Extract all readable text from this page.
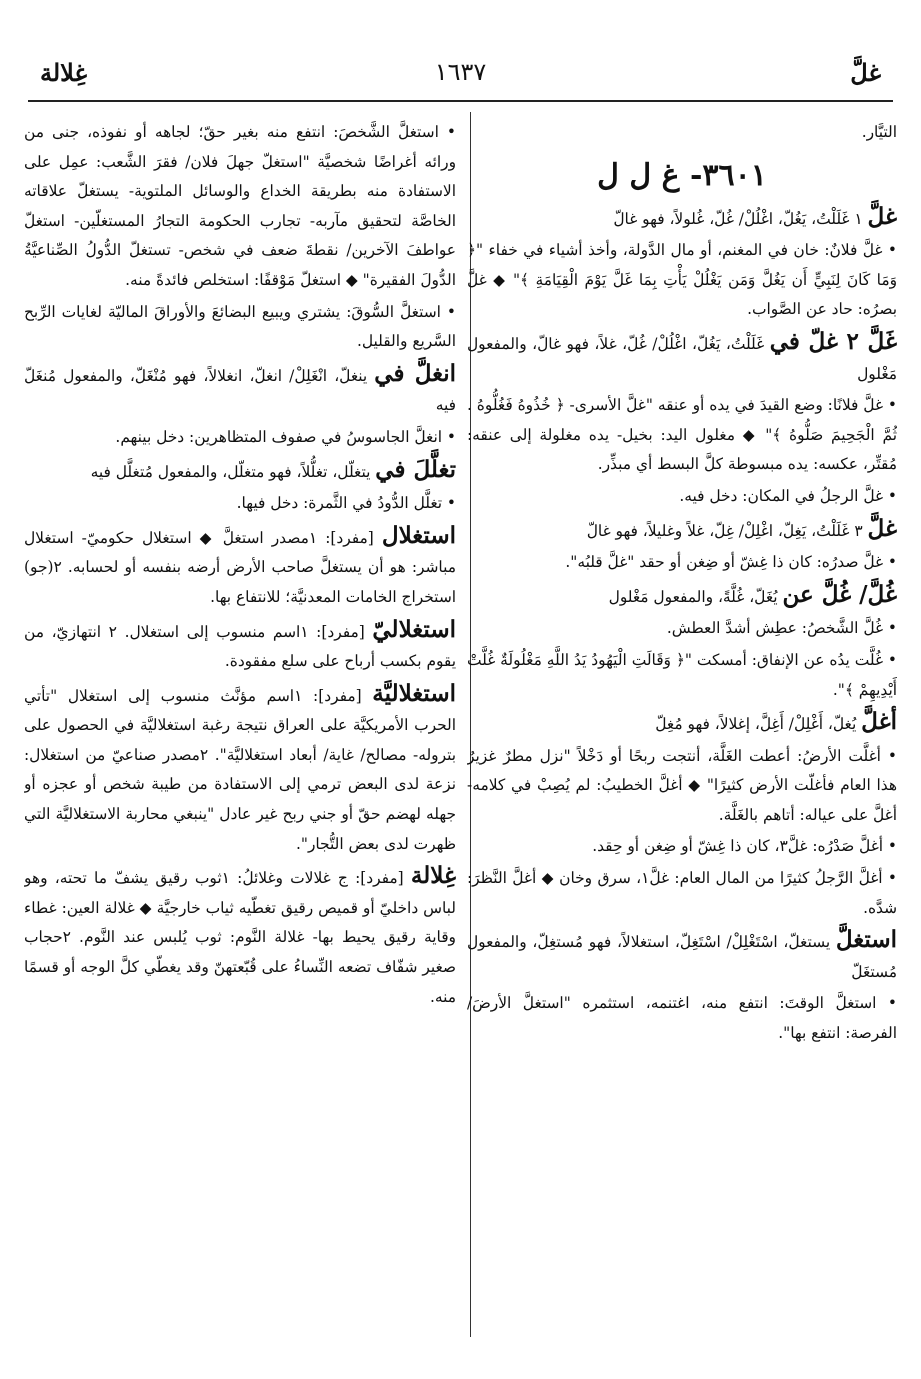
غلَّ
١٦٣٧
غِلالة

التيَّار.

٣٦٠١- غ ل ل

غلَّ ١ غَلَلْتُ، يَغُلّ، اغْلُلْ/ غُلّ، غُلولاً، فهو غالّ

• غلَّ فلانٌ: خان في المغنم، أو مال الدَّولة، وأخذ أشياء في خفاء "﴿ وَمَا كَانَ لِنَبِيٍّ أَن يَغُلَّ وَمَن يَغْلُلْ يَأْتِ بِمَا غَلَّ يَوْمَ الْقِيَامَةِ ﴾" ◆ غلَّ بصرُه: حاد عن الصَّواب.

غَلَّ ٢ غلّ في غَلَلْتُ، يَغُلّ، اغْلُلْ/ غُلّ، غلاً، فهو غالّ، والمفعول مَغْلول

• غلَّ فلانًا: وضع القيدَ في يده أو عنقه "غلَّ الأسرى- ﴿ خُذُوهُ فَغُلُّوهُ . ثُمَّ الْجَحِيمَ صَلُّوهُ ﴾" ◆ مغلول اليد: بخيل- يده مغلولة إلى عنقه: مُقتِّر، عكسه: يده مبسوطة كلَّ البسط أي مبذِّر.

• غلَّ الرجلُ في المكان: دخل فيه.

غلَّ ٣ غَلَلْتُ، يَغِلّ، اغْلِلْ/ غِلّ، غلاً وغليلاً، فهو غالّ

• غلَّ صدرُه: كان ذا غِشّ أو ضِغن أو حقد "غلَّ قلبُه".

غُلَّ/ غُلَّ عن يُغَلّ، غُلَّةً، والمفعول مَغْلول

• غُلَّ الشَّخصُ: عطِش أشدَّ العطش.

• غُلَّت يدُه عن الإنفاق: أمسكت "﴿ وَقَالَتِ الْيَهُودُ يَدُ اللَّهِ مَغْلُولَةٌ غُلَّتْ أَيْدِيهِمْ ﴾".

أغلَّ يُغلّ، أَغْلِلْ/ أَغِلَّ، إغلالاً، فهو مُغِلّ

• أغلَّت الأرضُ: أعطت الغَلَّة، أنتجت ربحًا أو دَخْلاً "نزل مطرٌ غزيرٌ هذا العام فأغلّت الأرض كثيرًا" ◆ أغلَّ الخطيبُ: لم يُصِبْ في كلامه- أغلَّ على عياله: أتاهم بالغَلَّة.

• أغلَّ صَدْرُه: غلَّ٣، كان ذا غِشّ أو ضِغن أو حِقد.

• أغلَّ الرَّجلُ كثيرًا من المال العام: غلَّ١، سرق وخان ◆ أغلَّ النَّظرَ: شدَّه.

استغلَّ يستغلّ، اسْتَغْلِلْ/ اسْتَغِلّ، استغلالاً، فهو مُستغِلّ، والمفعول مُستغَلّ

• استغلَّ الوقتَ: انتفع منه، اغتنمه، استثمره "استغلَّ الأرضَ/ الفرصة: انتفع بها".

• استغلَّ الشَّخصَ: انتفع منه بغير حقّ؛ لجاهه أو نفوذه، جنى من ورائه أغراضًا شخصيَّة "استغلّ جهلَ فلان/ فقرَ الشَّعب: عمِل على الاستفادة منه بطريقة الخداع والوسائل الملتوية- يستغلّ علاقاته الخاصَّة لتحقيق مآربه- تجارب الحكومة التجارُ المستغلّين- استغلّ عواطفَ الآخرين/ نقطةَ ضعف في شخص- تستغلّ الدُّولُ الصِّناعيَّةُ الدُّولَ الفقيرة" ◆ استغلّ مَوْقفًا: استخلص فائدةً منه.

• استغلَّ السُّوقَ: يشتري ويبيع البضائعَ والأوراقَ الماليّة لغايات الرِّبح السَّريع والقليل.

انغلَّ في ينغلّ، انْغَلِلْ/ انغلّ، انغلالاً، فهو مُنْغَلّ، والمفعول مُنغَلّ فيه

• انغلَّ الجاسوسُ في صفوف المتظاهرين: دخل بينهم.

تغلَّلَ في يتغلّل، تغلُّلاً، فهو متغلّل، والمفعول مُتغلَّل فيه

• تغلَّل الدُّودُ في الثَّمرة: دخل فيها.

استغلال [مفرد]: ١مصدر استغلَّ ◆ استغلال حكوميّ- استغلال مباشر: هو أن يستغلَّ صاحب الأرض أرضه بنفسه أو لحسابه. ٢(جو) استخراج الخامات المعدنيَّة؛ للانتفاع بها.

استغلاليّ [مفرد]: ١اسم منسوب إلى استغلال. ٢ انتهازيّ، من يقوم بكسب أرباح على سلع مفقودة.

استغلاليَّة [مفرد]: ١اسم مؤنَّث منسوب إلى استغلال "تأتي الحرب الأمريكيَّة على العراق نتيجة رغبة استغلاليَّة في الحصول على بتروله- مصالح/ غاية/ أبعاد استغلاليَّة". ٢مصدر صناعيّ من استغلال: نزعة لدى البعض ترمي إلى الاستفادة من طيبة شخص أو عجزه أو جهله لهضم حقّ أو جني ربح غير عادل "ينبغي محاربة الاستغلاليَّة التي ظهرت لدى بعض التُّجار".

غِلالة [مفرد]: ج غلالات وغلائلُ: ١ثوب رقيق يشفّ ما تحته، وهو لباس داخليّ أو قميص رقيق تغطّيه ثياب خارجيَّة ◆ غلالة العين: غطاء وقاية رقيق يحيط بها- غلالة النَّوم: ثوب يُلبس عند النَّوم. ٢حجاب صغير شفّاف تضعه النِّساءُ على قُبّعتهنّ وقد يغطّي كلَّ الوجه أو قسمًا منه.
